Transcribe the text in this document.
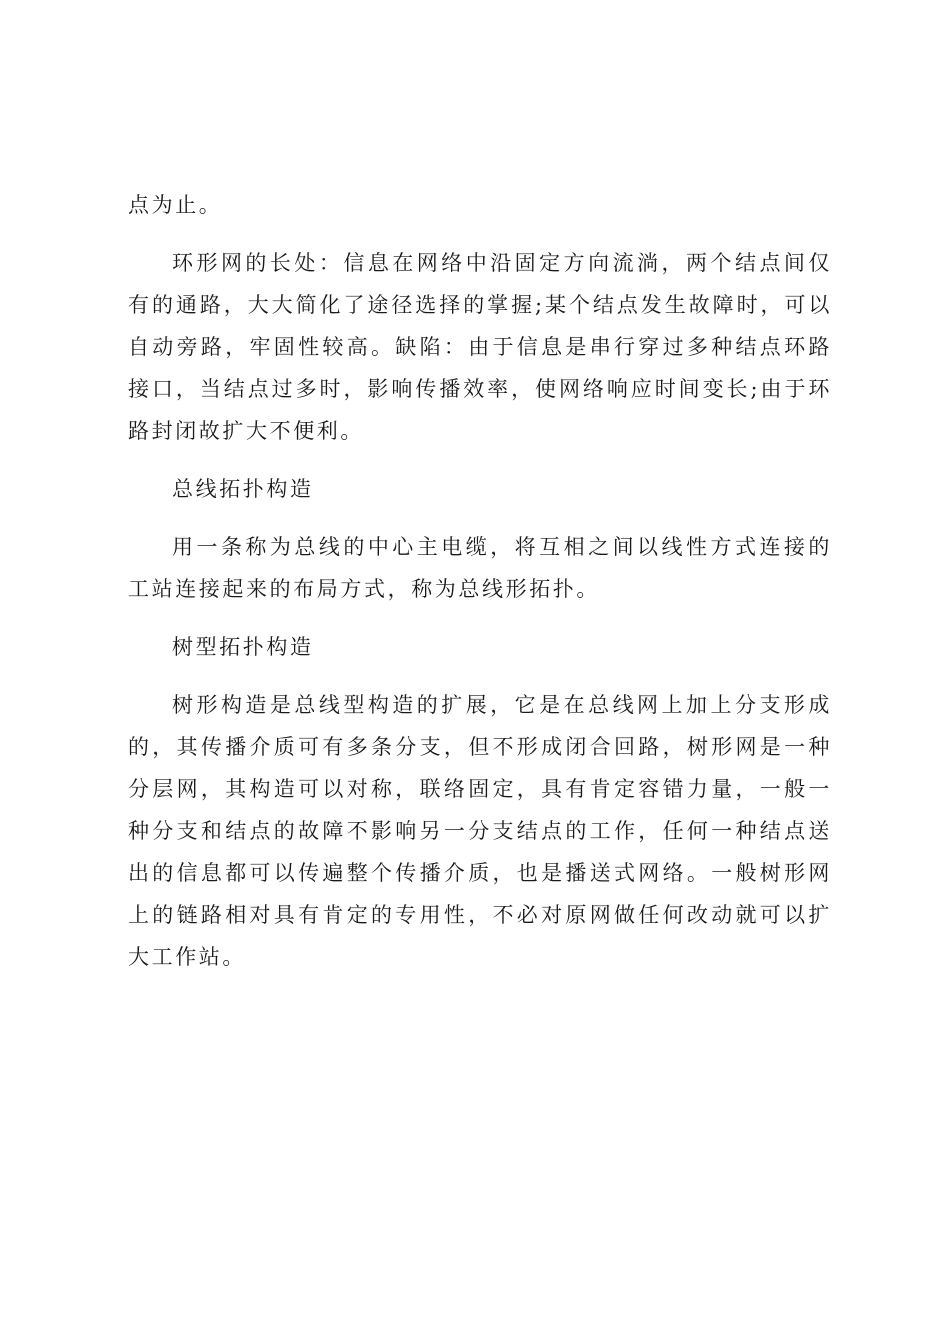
点为止。

环形网的长处：信息在网络中沿固定方向流淌，两个结点间仅有的通路，大大简化了途径选择的掌握;某个结点发生故障时，可以自动旁路，牢固性较高。缺陷：由于信息是串行穿过多种结点环路接口，当结点过多时，影响传播效率，使网络响应时间变长;由于环路封闭故扩大不便利。

总线拓扑构造

用一条称为总线的中心主电缆，将互相之间以线性方式连接的工站连接起来的布局方式，称为总线形拓扑。

树型拓扑构造

树形构造是总线型构造的扩展，它是在总线网上加上分支形成的，其传播介质可有多条分支，但不形成闭合回路，树形网是一种分层网，其构造可以对称，联络固定，具有肯定容错力量，一般一种分支和结点的故障不影响另一分支结点的工作，任何一种结点送出的信息都可以传遍整个传播介质，也是播送式网络。一般树形网上的链路相对具有肯定的专用性，不必对原网做任何改动就可以扩大工作站。
